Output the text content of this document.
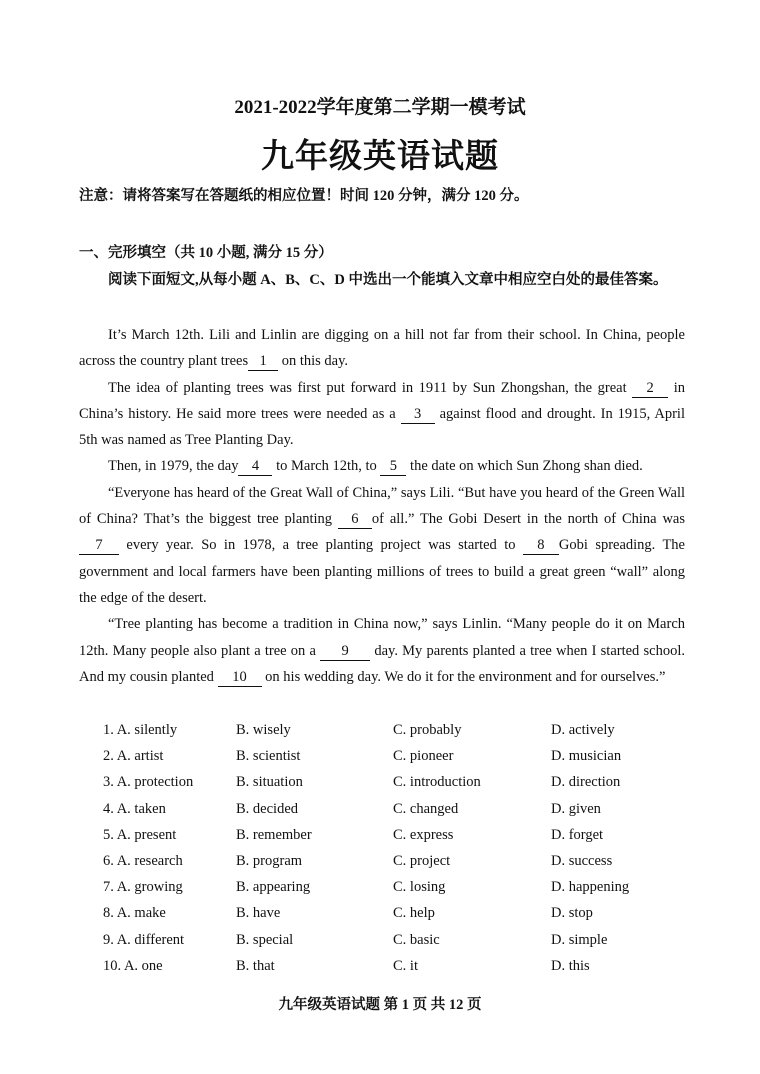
2021-2022学年度第二学期一模考试
九年级英语试题
注意：请将答案写在答题纸的相应位置！时间 120 分钟，满分 120 分。
一、完形填空（共 10 小题, 满分 15 分）
阅读下面短文,从每小题 A、B、C、D 中选出一个能填入文章中相应空白处的最佳答案。

It’s March 12th. Lili and Linlin are digging on a hill not far from their school. In China, people across the country plant trees 1 on this day.

The idea of planting trees was first put forward in 1911 by Sun Zhongshan, the great 2 in China’s history. He said more trees were needed as a 3 against flood and drought. In 1915, April 5th was named as Tree Planting Day.

Then, in 1979, the day 4 to March 12th, to 5 the date on which Sun Zhong shan died.

“Everyone has heard of the Great Wall of China,” says Lili. “But have you heard of the Green Wall of China? That’s the biggest tree planting 6 of all.” The Gobi Desert in the north of China was 7 every year. So in 1978, a tree planting project was started to 8 Gobi spreading. The government and local farmers have been planting millions of trees to build a great green “wall” along the edge of the desert.

“Tree planting has become a tradition in China now,” says Linlin. “Many people do it on March 12th. Many people also plant a tree on a 9 day. My parents planted a tree when I started school. And my cousin planted 10 on his wedding day. We do it for the environment and for ourselves.”

1. A. silently	B. wisely	C. probably	D. actively
2. A. artist	B. scientist	C. pioneer	D. musician
3. A. protection	B. situation	C. introduction	D. direction
4. A. taken	B. decided	C. changed	D. given
5. A. present	B. remember	C. express	D. forget
6. A. research	B. program	C. project	D. success
7. A. growing	B. appearing	C. losing	D. happening
8. A. make	B. have	C. help	D. stop
9. A. different	B. special	C. basic	D. simple
10. A. one	B. that	C. it	D. this
九年级英语试题 第 1 页 共 12 页
